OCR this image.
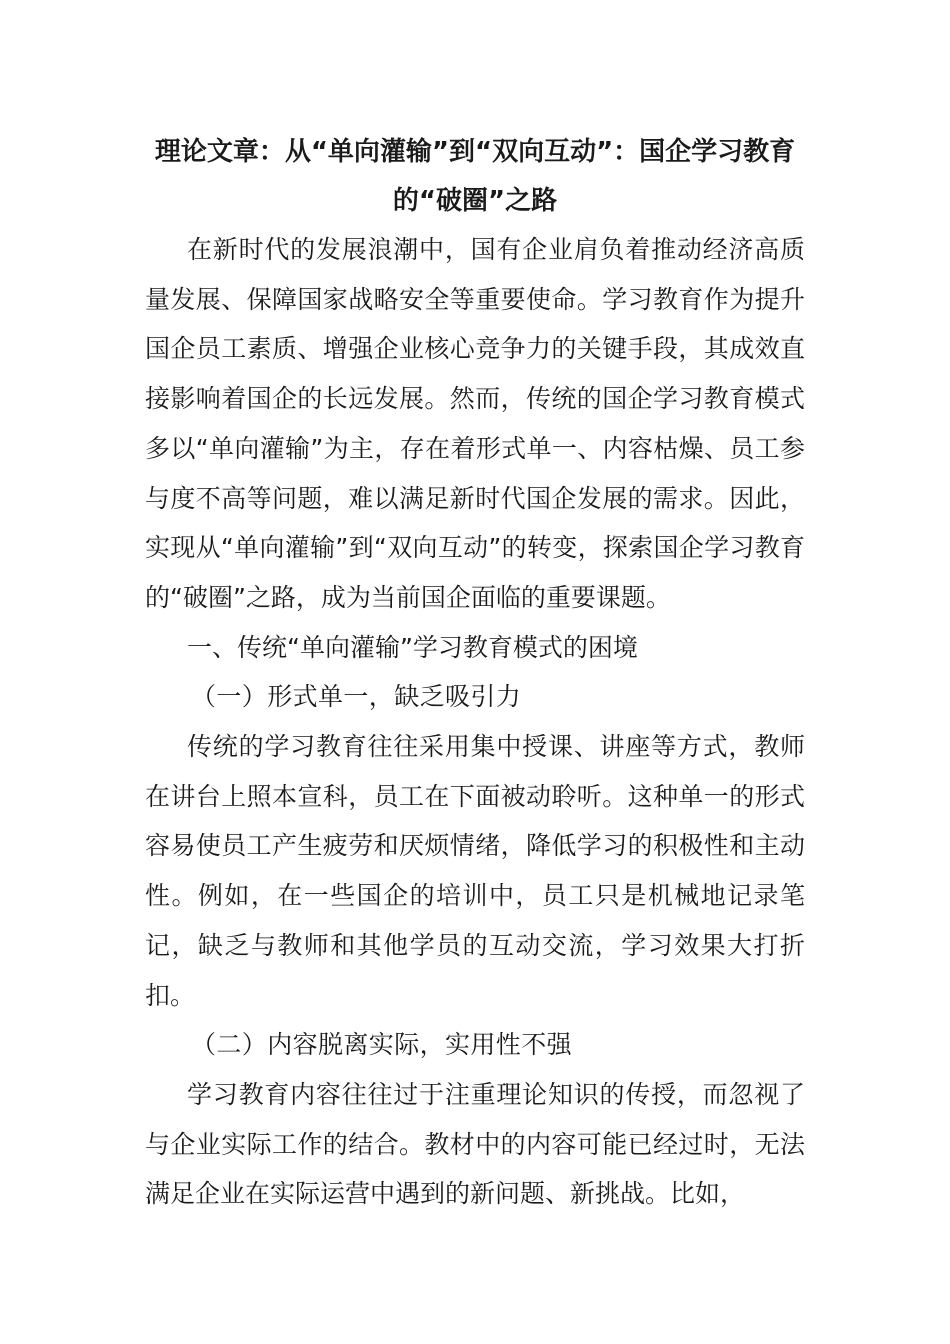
理论文章：从“单向灌输”到“双向互动”：国企学习教育的“破圈”之路

在新时代的发展浪潮中，国有企业肩负着推动经济高质量发展、保障国家战略安全等重要使命。学习教育作为提升国企员工素质、增强企业核心竞争力的关键手段，其成效直接影响着国企的长远发展。然而，传统的国企学习教育模式多以“单向灌输”为主，存在着形式单一、内容枯燥、员工参与度不高等问题，难以满足新时代国企发展的需求。因此，实现从“单向灌输”到“双向互动”的转变，探索国企学习教育的“破圈”之路，成为当前国企面临的重要课题。

一、传统“单向灌输”学习教育模式的困境

（一）形式单一，缺乏吸引力

传统的学习教育往往采用集中授课、讲座等方式，教师在讲台上照本宣科，员工在下面被动聆听。这种单一的形式容易使员工产生疲劳和厌烦情绪，降低学习的积极性和主动性。例如，在一些国企的培训中，员工只是机械地记录笔记，缺乏与教师和其他学员的互动交流，学习效果大打折扣。

（二）内容脱离实际，实用性不强

学习教育内容往往过于注重理论知识的传授，而忽视了与企业实际工作的结合。教材中的内容可能已经过时，无法满足企业在实际运营中遇到的新问题、新挑战。比如，
